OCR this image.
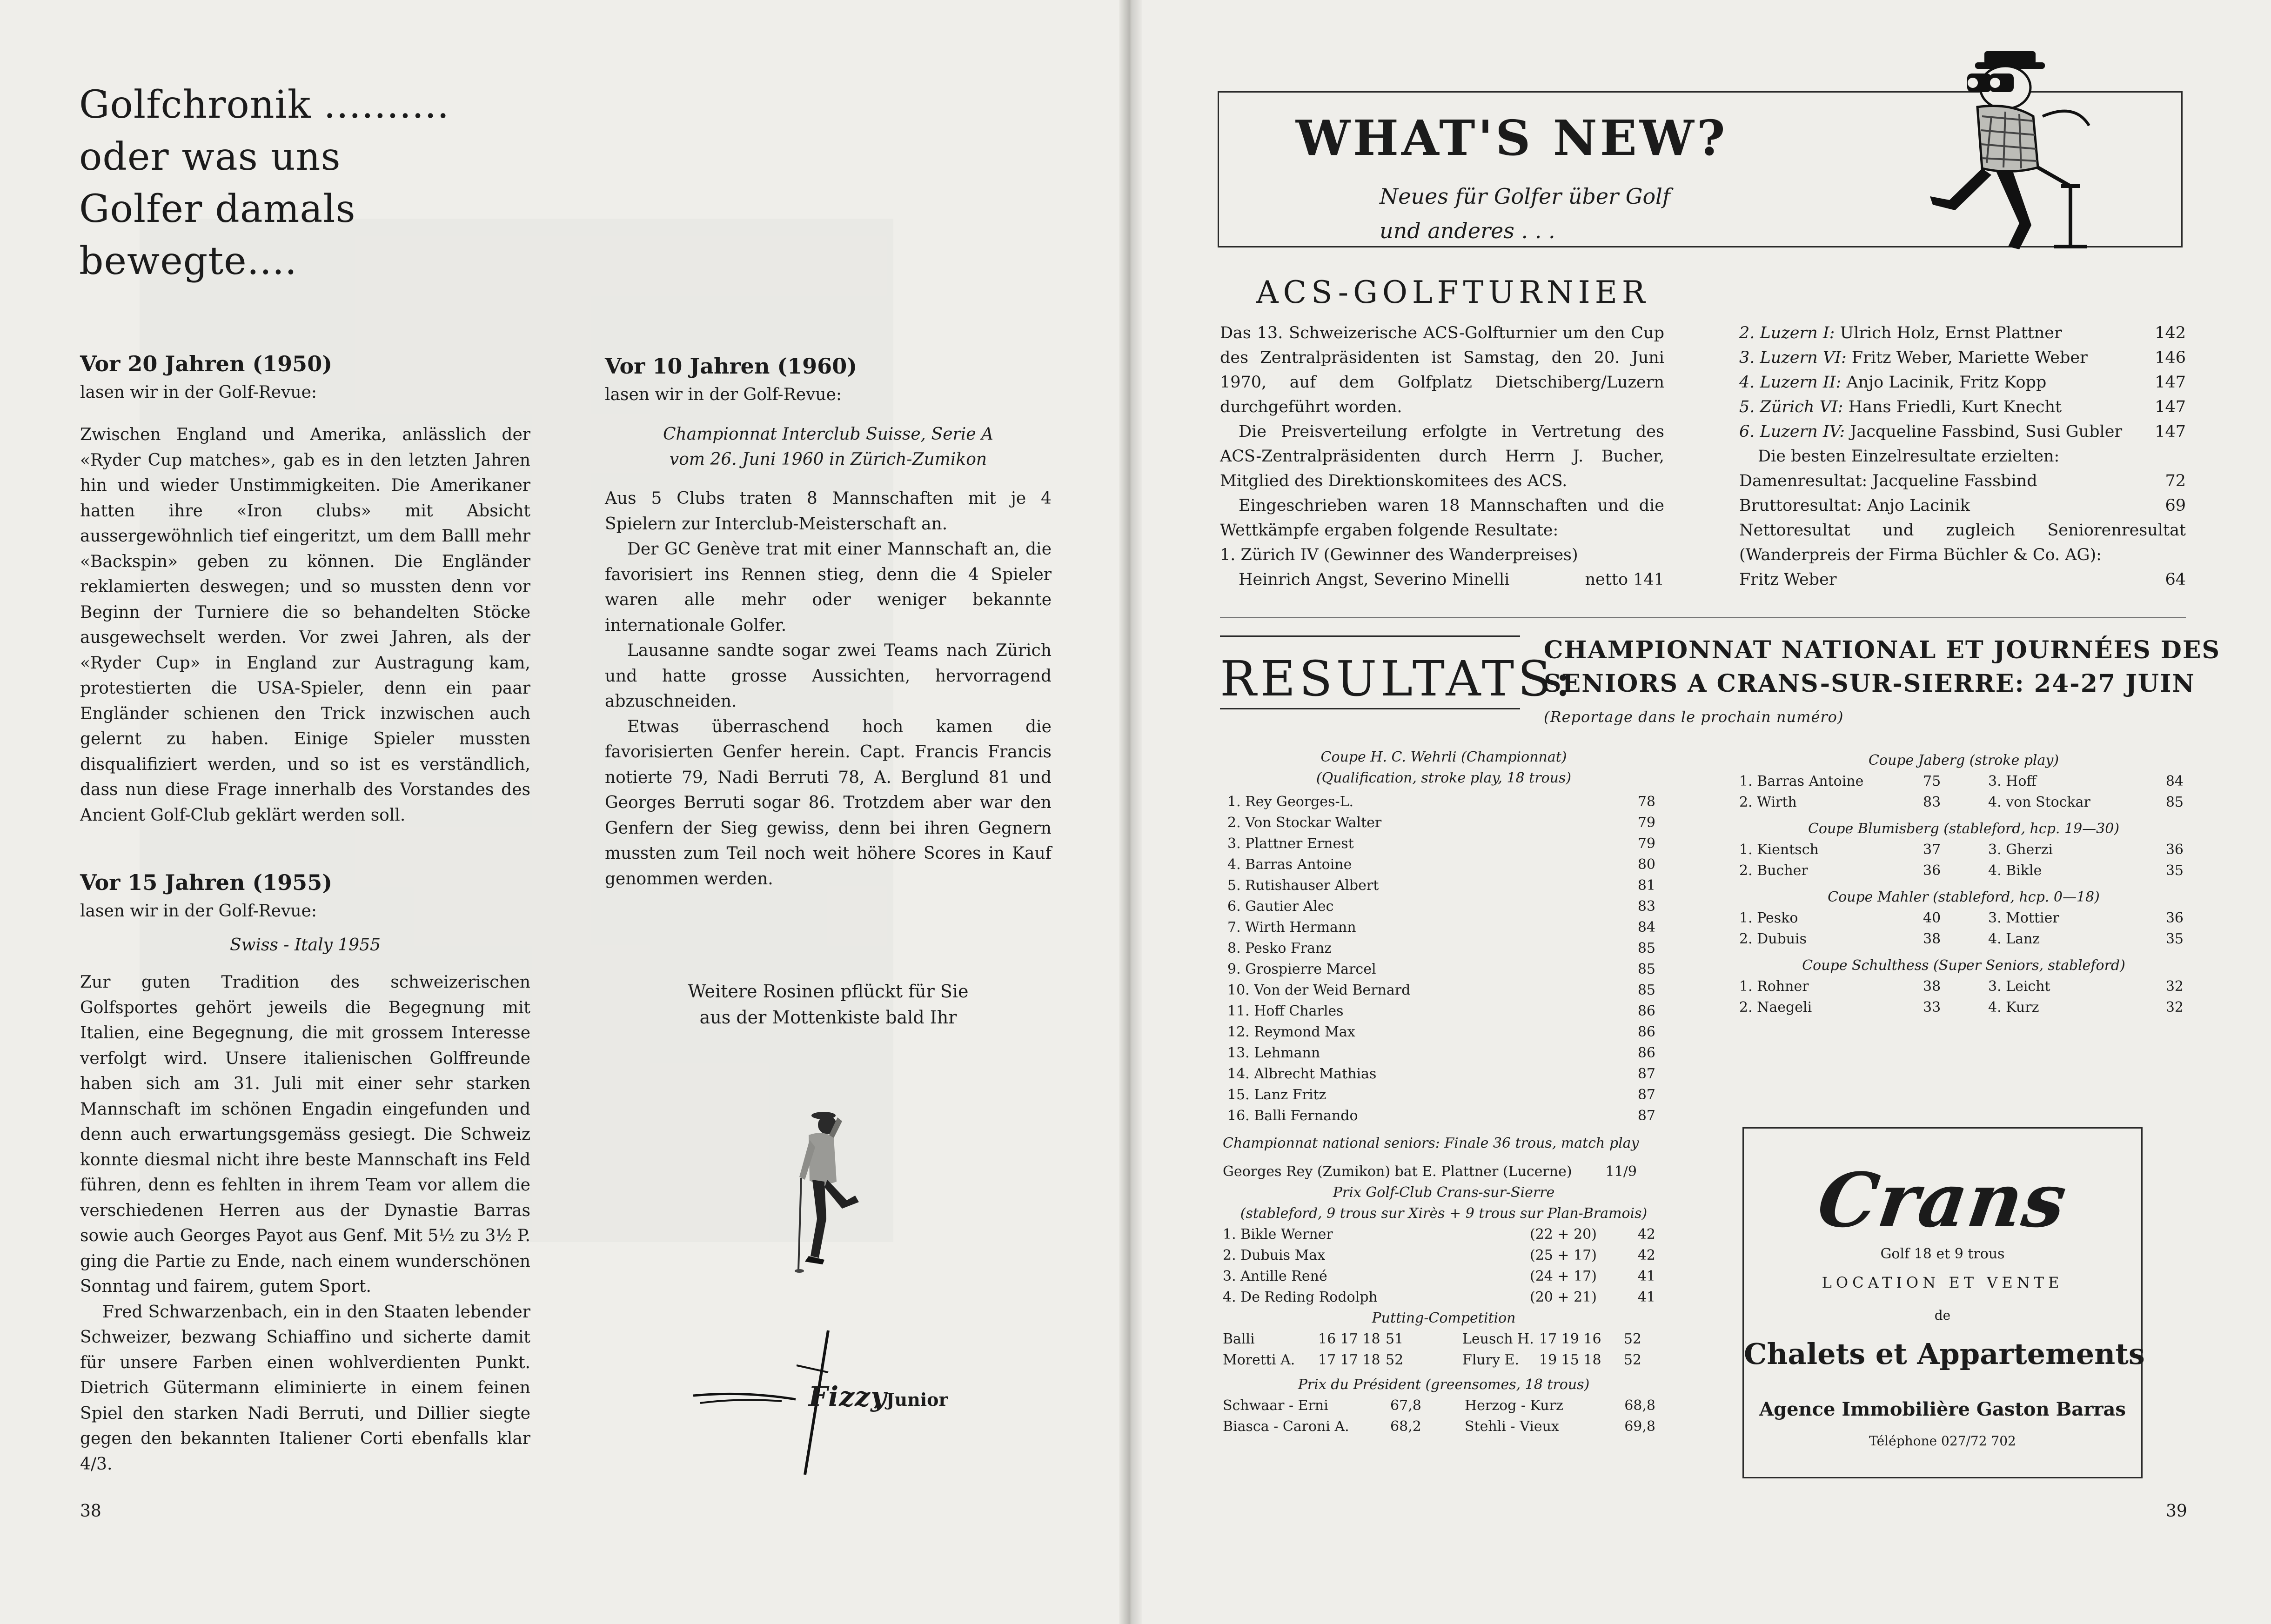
Golfchronik ..........
oder was uns
Golfer damals
bewegte....
Vor 20 Jahren (1950)
lasen wir in der Golf-Revue:

Zwischen England und Amerika, anlässlich der «Ryder Cup matches», gab es in den letzten Jahren hin und wieder Unstimmigkeiten. Die Amerikaner hatten ihre «Iron clubs» mit Absicht aussergewöhnlich tief eingeritzt, um dem Balll mehr «Backspin» geben zu können. Die Engländer reklamierten deswegen; und so mussten denn vor Beginn der Turniere die so behandelten Stöcke ausgewechselt werden. Vor zwei Jahren, als der «Ryder Cup» in England zur Austragung kam, protestierten die USA-Spieler, denn ein paar Engländer schienen den Trick inzwischen auch gelernt zu haben. Einige Spieler mussten disqualifiziert werden, und so ist es verständlich, dass nun diese Frage innerhalb des Vorstandes des Ancient Golf-Club geklärt werden soll.

Vor 15 Jahren (1955)
lasen wir in der Golf-Revue:
Swiss - Italy 1955

Zur guten Tradition des schweizerischen Golfsportes gehört jeweils die Begegnung mit Italien, eine Begegnung, die mit grossem Interesse verfolgt wird. Unsere italienischen Golffreunde haben sich am 31. Juli mit einer sehr starken Mannschaft im schönen Engadin eingefunden und denn auch erwartungsgemäss gesiegt. Die Schweiz konnte diesmal nicht ihre beste Mannschaft ins Feld führen, denn es fehlten in ihrem Team vor allem die verschiedenen Herren aus der Dynastie Barras sowie auch Georges Payot aus Genf. Mit 5½ zu 3½ P. ging die Partie zu Ende, nach einem wunderschönen Sonntag und fairem, gutem Sport.

Fred Schwarzenbach, ein in den Staaten lebender Schweizer, bezwang Schiaffino und sicherte damit für unsere Farben einen wohlverdienten Punkt. Dietrich Gütermann eliminierte in einem feinen Spiel den starken Nadi Berruti, und Dillier siegte gegen den bekannten Italiener Corti ebenfalls klar 4/3.

Vor 10 Jahren (1960)
lasen wir in der Golf-Revue:
Championnat Interclub Suisse, Serie A
vom 26. Juni 1960 in Zürich-Zumikon

Aus 5 Clubs traten 8 Mannschaften mit je 4 Spielern zur Interclub-Meisterschaft an.

Der GC Genève trat mit einer Mannschaft an, die favorisiert ins Rennen stieg, denn die 4 Spieler waren alle mehr oder weniger bekannte internationale Golfer.

Lausanne sandte sogar zwei Teams nach Zürich und hatte grosse Aussichten, hervorragend abzuschneiden.

Etwas überraschend hoch kamen die favorisierten Genfer herein. Capt. Francis Francis notierte 79, Nadi Berruti 78, A. Berglund 81 und Georges Berruti sogar 86. Trotzdem aber war den Genfern der Sieg gewiss, denn bei ihren Gegnern mussten zum Teil noch weit höhere Scores in Kauf genommen werden.

Weitere Rosinen pflückt für Sie
aus der Mottenkiste bald Ihr
Fizzy
, Junior
38
WHAT'S NEW?
Neues für Golfer über Golf
und anderes . . .
ACS-GOLFTURNIER

Das 13. Schweizerische ACS-Golfturnier um den Cup des Zentralpräsidenten ist Samstag, den 20. Juni 1970, auf dem Golfplatz Dietschiberg/Luzern durchgeführt worden.

Die Preisverteilung erfolgte in Vertretung des ACS-Zentralpräsidenten durch Herrn J. Bucher, Mitglied des Direktionskomitees des ACS.

Eingeschrieben waren 18 Mannschaften und die Wettkämpfe ergaben folgende Resultate:

1. Zürich IV (Gewinner des Wanderpreises)
Heinrich Angst, Severino Minelli	netto 141
2. Luzern I: Ulrich Holz, Ernst Plattner	142
3. Luzern VI: Fritz Weber, Mariette Weber	146
4. Luzern II: Anjo Lacinik, Fritz Kopp	147
5. Zürich VI: Hans Friedli, Kurt Knecht	147
6. Luzern IV: Jacqueline Fassbind, Susi Gubler 147
Die besten Einzelresultate erzielten:
Damenresultat: Jacqueline Fassbind	72
Bruttoresultat: Anjo Lacinik	69

Nettoresultat und zugleich Seniorenresultat (Wanderpreis der Firma Büchler & Co. AG):

Fritz Weber	64
RESULTATS:
CHAMPIONNAT NATIONAL ET JOURNÉES DES
SENIORS A CRANS-SUR-SIERRE: 24-27 JUIN
(Reportage dans le prochain numéro)
Coupe H. C. Wehrli (Championnat)
(Qualification, stroke play, 18 trous)
1. Rey Georges-L.	78
2. Von Stockar Walter	79
3. Plattner Ernest	79
4. Barras Antoine	80
5. Rutishauser Albert	81
6. Gautier Alec	83
7. Wirth Hermann	84
8. Pesko Franz	85
9. Grospierre Marcel	85
10. Von der Weid Bernard	85
11. Hoff Charles	86
12. Reymond Max	86
13. Lehmann	86
14. Albrecht Mathias	87
15. Lanz Fritz	87
16. Balli Fernando	87
Championnat national seniors: Finale 36 trous, match play
Georges Rey (Zumikon) bat E. Plattner (Lucerne) 11/9
Prix Golf-Club Crans-sur-Sierre
(stableford, 9 trous sur Xirès + 9 trous sur Plan-Bramois)
1. Bikle Werner	(22 + 20)	42
2. Dubuis Max	(25 + 17)	42
3. Antille René	(24 + 17)	41
4. De Reding Rodolph	(20 + 21)	41
Putting-Competition
Balli	16 17 18 51	Leusch H. 17 19 16	52
Moretti A.	17 17 18 52	Flury E.	19 15 18	52
Prix du Président (greensomes, 18 trous)
Schwaar - Erni	67,8	Herzog - Kurz	68,8
Biasca - Caroni A.	68,2	Stehli - Vieux	69,8
Coupe Jaberg (stroke play)
1. Barras Antoine	75	3. Hoff	84
2. Wirth	83	4. von Stockar	85
Coupe Blumisberg (stableford, hcp. 19—30)
1. Kientsch	37	3. Gherzi	36
2. Bucher	36	4. Bikle	35
Coupe Mahler (stableford, hcp. 0—18)
1. Pesko	40	3. Mottier	36
2. Dubuis	38	4. Lanz	35
Coupe Schulthess (Super Seniors, stableford)
1. Rohner	38	3. Leicht	32
2. Naegeli	33	4. Kurz	32
Crans
Golf 18 et 9 trous
LOCATION ET VENTE
de
Chalets et Appartements
Agence Immobilière Gaston Barras
Téléphone 027/72 702
39
